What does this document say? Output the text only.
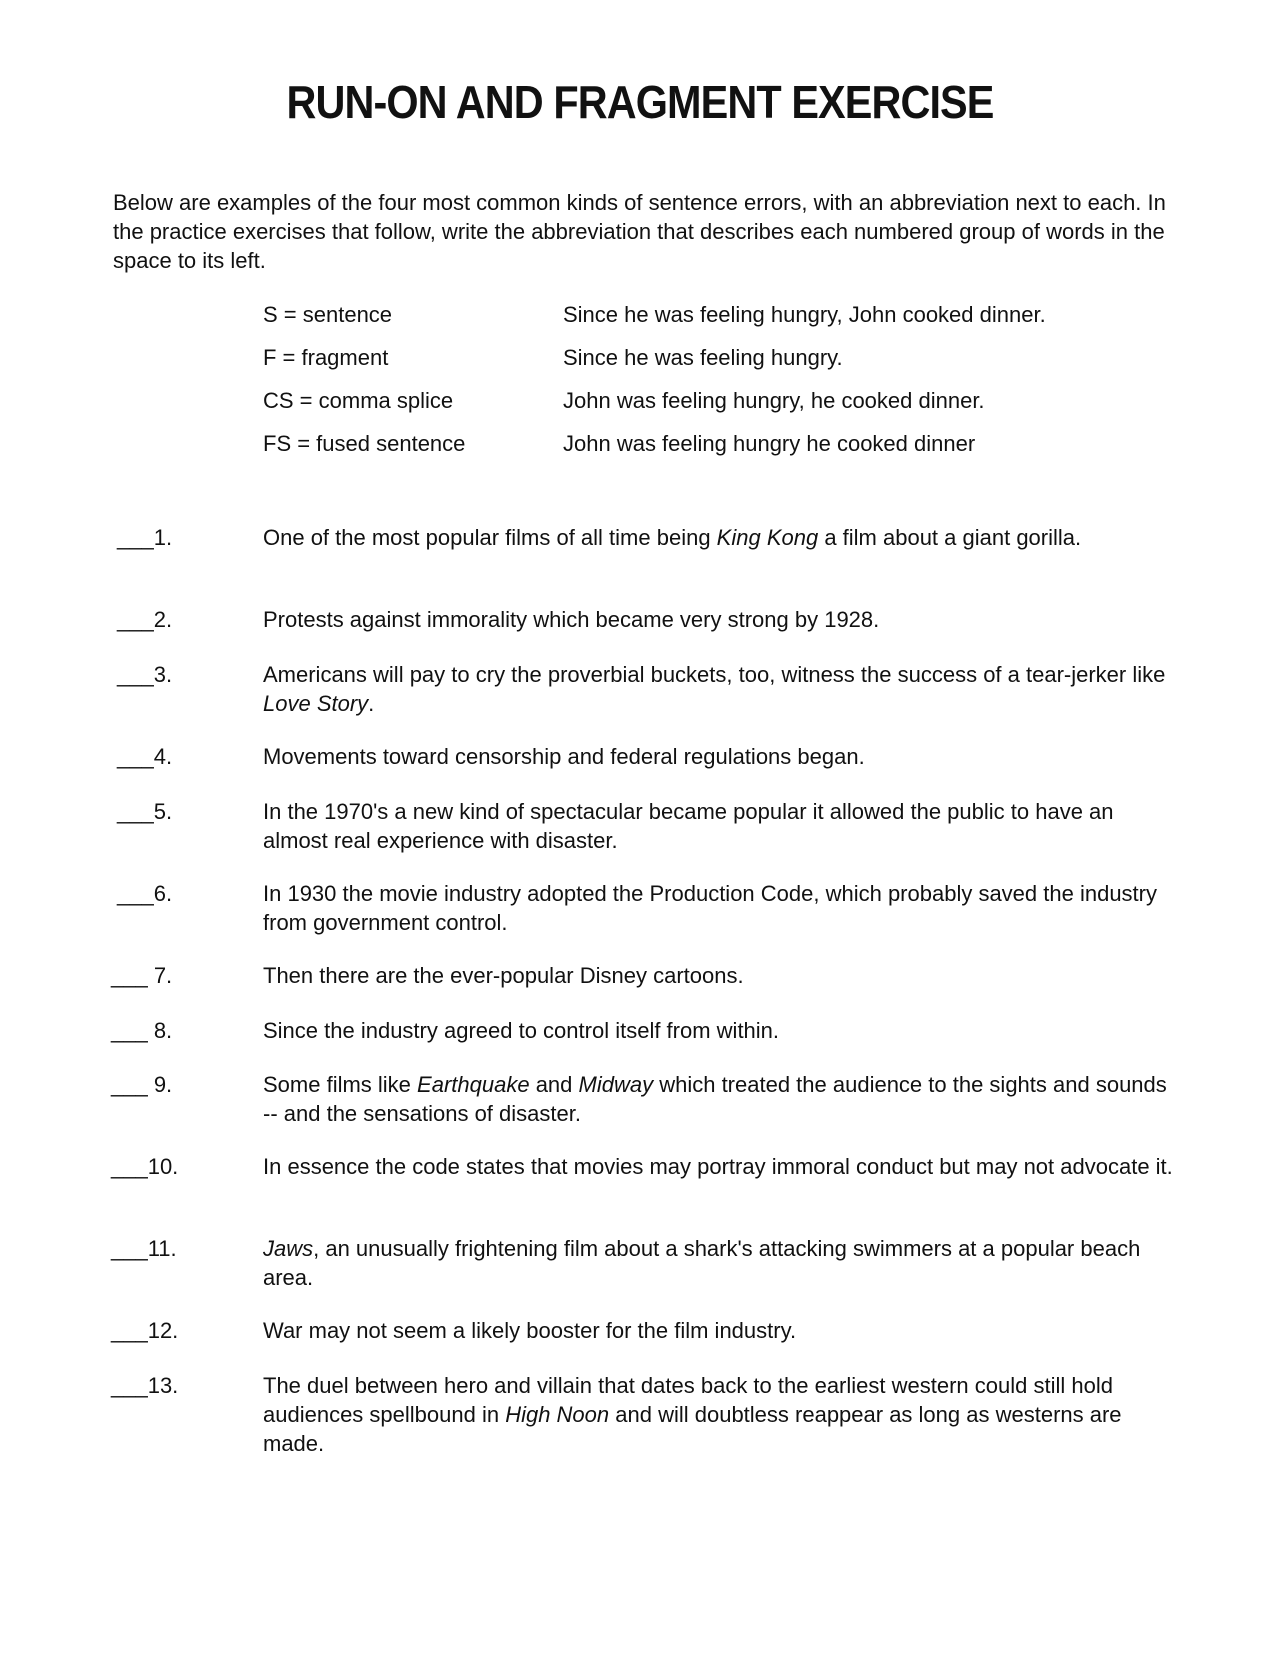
RUN-ON AND FRAGMENT EXERCISE

Below are examples of the four most common kinds of sentence errors, with an abbreviation next to each. In the practice exercises that follow, write the abbreviation that describes each numbered group of words in the space to its left.

S = sentence	Since he was feeling hungry, John cooked dinner.
F = fragment	Since he was feeling hungry.
CS = comma splice	John was feeling hungry, he cooked dinner.
FS = fused sentence	John was feeling hungry he cooked dinner
___1.	One of the most popular films of all time being King Kong a film about a giant gorilla.
___2.	Protests against immorality which became very strong by 1928.
___3.	Americans will pay to cry the proverbial buckets, too, witness the success of a tear-jerker like Love Story.
___4.	Movements toward censorship and federal regulations began.
___5.	In the 1970's a new kind of spectacular became popular it allowed the public to have an almost real experience with disaster.
___6.	In 1930 the movie industry adopted the Production Code, which probably saved the industry from government control.
___ 7.	Then there are the ever-popular Disney cartoons.
___ 8.	Since the industry agreed to control itself from within.
___ 9.	Some films like Earthquake and Midway which treated the audience to the sights and sounds -- and the sensations of disaster.
___10.	In essence the code states that movies may portray immoral conduct but may not advocate it.
___11.	Jaws, an unusually frightening film about a shark's attacking swimmers at a popular beach area.
___12.	War may not seem a likely booster for the film industry.
___13.	The duel between hero and villain that dates back to the earliest western could still hold audiences spellbound in High Noon and will doubtless reappear as long as westerns are made.
